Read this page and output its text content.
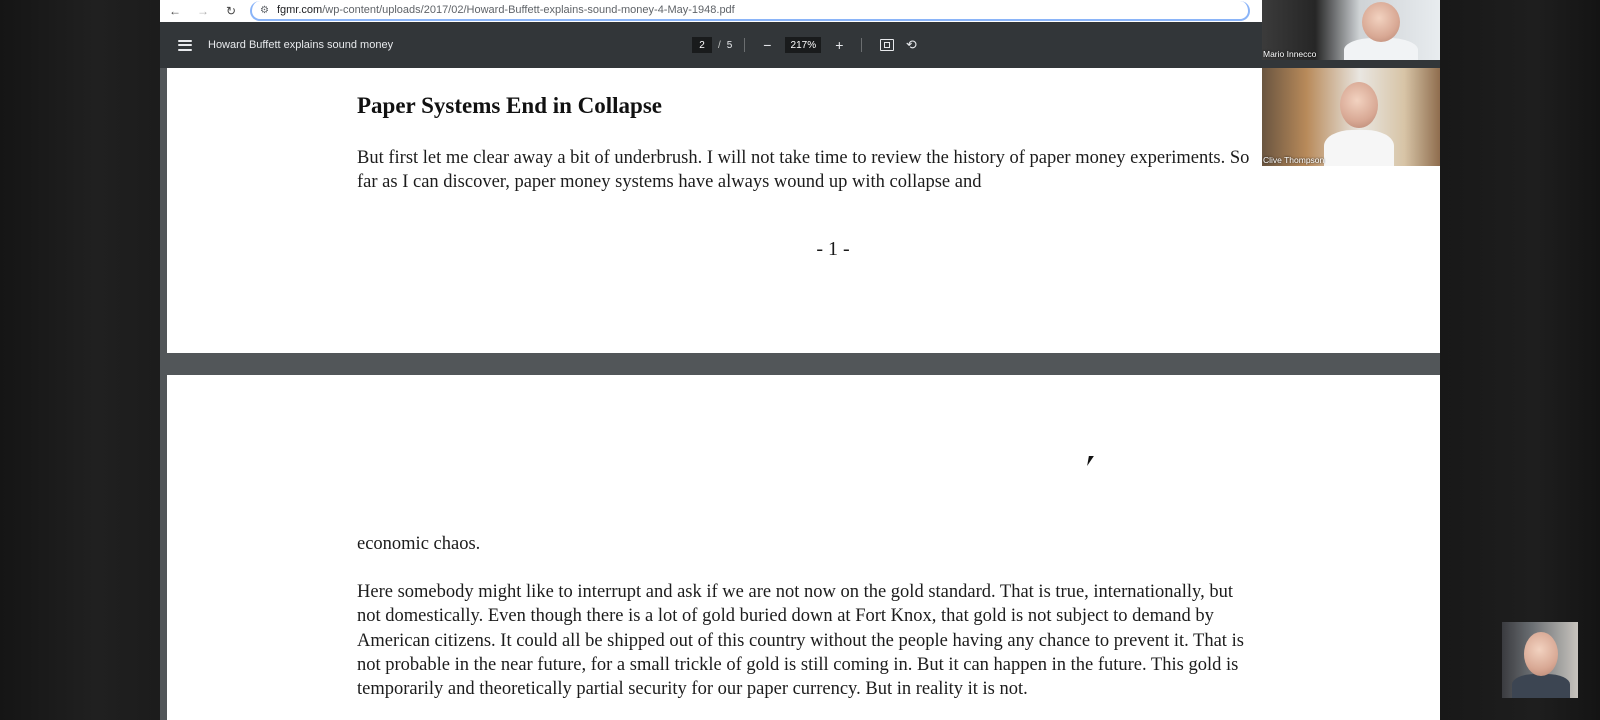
← → ↻ ⚙ fgmr.com /wp-content/uploads/2017/02/Howard-Buffett-explains-sound-money-4-May-1948.pdf
Howard Buffett explains sound money	2	/ 5	−	217%	+	⟲
Paper Systems End in Collapse
But first let me clear away a bit of underbrush. I will not take time to review the history of paper money experiments. So far as I can discover, paper money systems have always wound up with collapse and
- 1 -
economic chaos.
Here somebody might like to interrupt and ask if we are not now on the gold standard. That is true, internationally, but not domestically. Even though there is a lot of gold buried down at Fort Knox, that gold is not subject to demand by American citizens. It could all be shipped out of this country without the people having any chance to prevent it. That is not probable in the near future, for a small trickle of gold is still coming in. But it can happen in the future. This gold is temporarily and theoretically partial security for our paper currency. But in reality it is not.
Mario Innecco
Clive Thompson
